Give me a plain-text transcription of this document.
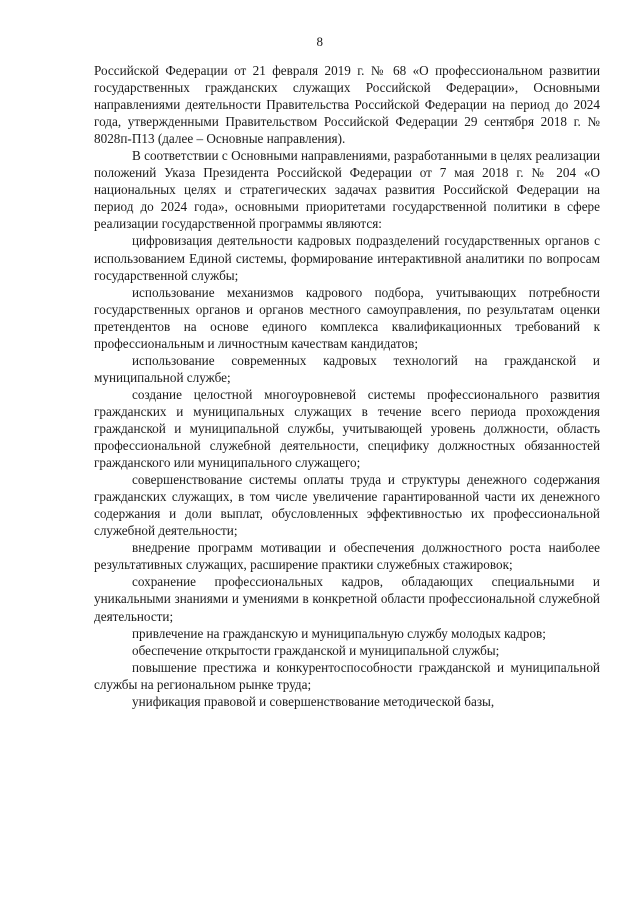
8

Российской Федерации от 21 февраля 2019 г. № 68 «О профессиональном развитии государственных гражданских служащих Российской Федерации», Основными направлениями деятельности Правительства Российской Федерации на период до 2024 года, утвержденными Правительством Российской Федерации 29 сентября 2018 г. № 8028п-П13 (далее – Основные направления).

В соответствии с Основными направлениями, разработанными в целях реализации положений Указа Президента Российской Федерации от 7 мая 2018 г. № 204 «О национальных целях и стратегических задачах развития Российской Федерации на период до 2024 года», основными приоритетами государственной политики в сфере реализации государственной программы являются:

цифровизация деятельности кадровых подразделений государственных органов с использованием Единой системы, формирование интерактивной аналитики по вопросам государственной службы;

использование механизмов кадрового подбора, учитывающих потребности государственных органов и органов местного самоуправления, по результатам оценки претендентов на основе единого комплекса квалификационных требований к профессиональным и личностным качествам кандидатов;

использование современных кадровых технологий на гражданской и муниципальной службе;

создание целостной многоуровневой системы профессионального развития гражданских и муниципальных служащих в течение всего периода прохождения гражданской и муниципальной службы, учитывающей уровень должности, область профессиональной служебной деятельности, специфику должностных обязанностей гражданского или муниципального служащего;

совершенствование системы оплаты труда и структуры денежного содержания гражданских служащих, в том числе увеличение гарантированной части их денежного содержания и доли выплат, обусловленных эффективностью их профессиональной служебной деятельности;

внедрение программ мотивации и обеспечения должностного роста наиболее результативных служащих, расширение практики служебных стажировок;

сохранение профессиональных кадров, обладающих специальными и уникальными знаниями и умениями в конкретной области профессиональной служебной деятельности;

привлечение на гражданскую и муниципальную службу молодых кадров;

обеспечение открытости гражданской и муниципальной службы;

повышение престижа и конкурентоспособности гражданской и муниципальной службы на региональном рынке труда;

унификация правовой и совершенствование методической базы,
